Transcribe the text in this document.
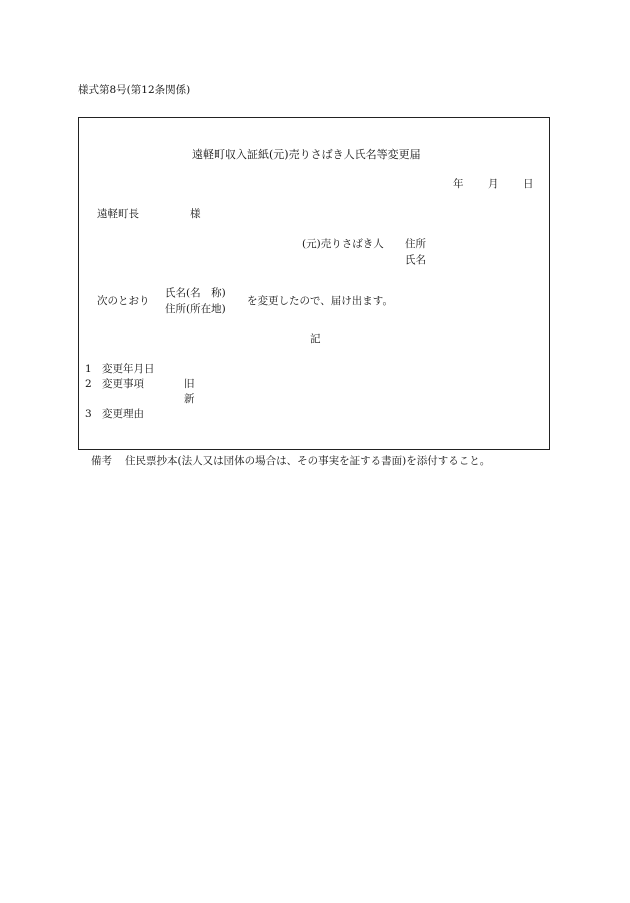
様式第8号(第12条関係)
遠軽町収入証紙(元)売りさばき人氏名等変更届
年 月 日
遠軽町長	様
(元)売りさばき人 住所
氏名
次のとおり
氏名(名　称)
住所(所在地)
を変更したので、届け出ます。
記
1 変更年月日
2 変更事項	旧
新
3 変更理由
備考 住民票抄本(法人又は団体の場合は、その事実を証する書面)を添付すること。
